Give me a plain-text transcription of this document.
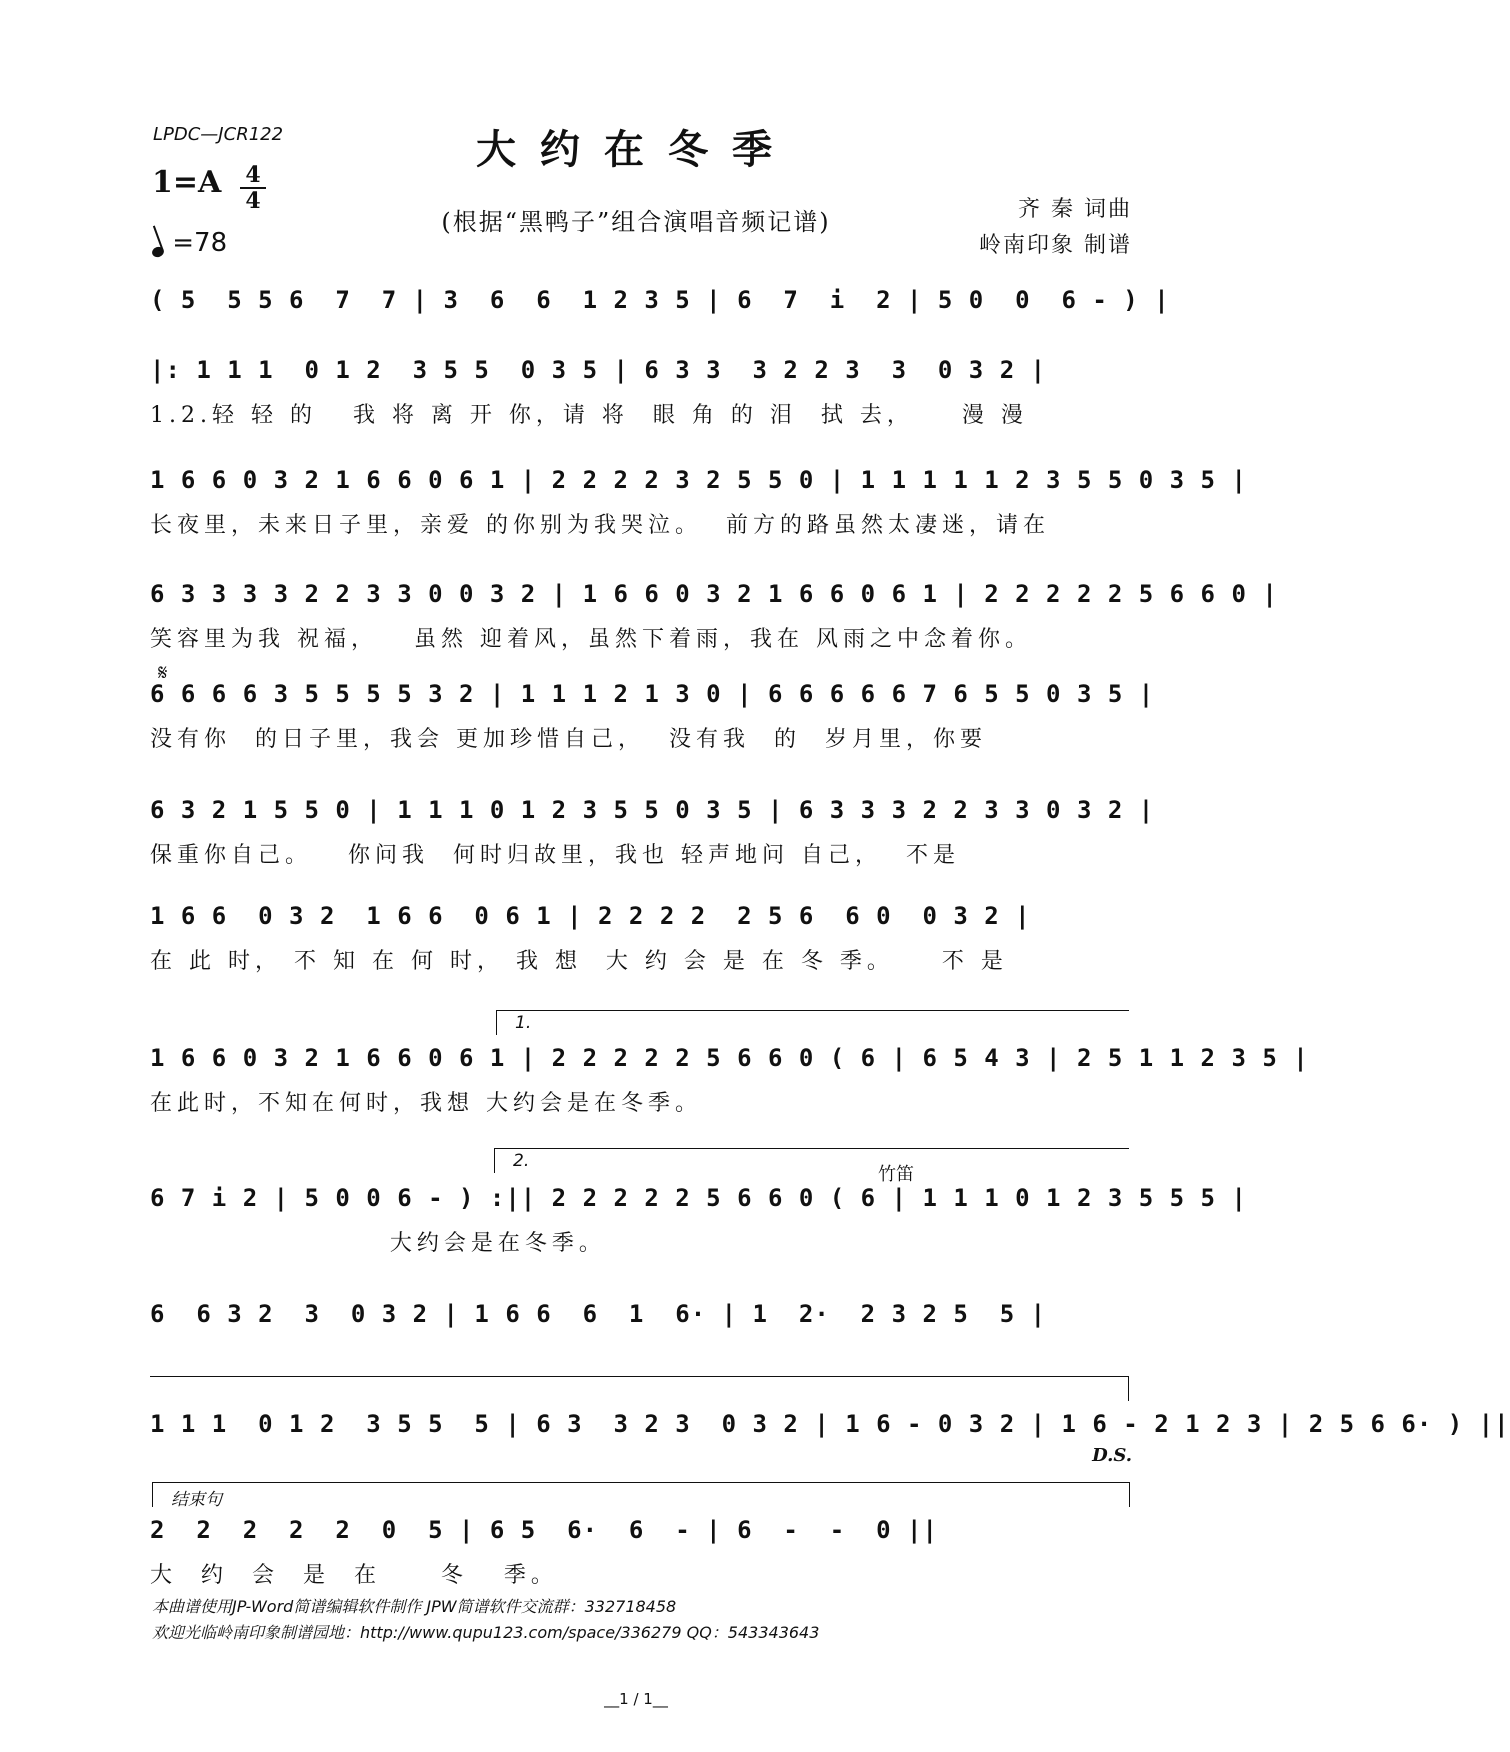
LPDC—JCR122	大约在冬季
1=A 4
4
=78
(根据“黑鸭子”组合演唱音频记谱)	齐 秦 词曲
岭南印象 制谱
( 5  5 5 6  7  7 | 3  6  6  1 2 3 5 | 6  7  i  2 | 5 0  0  6 - ) |
|: 1 1 1  0 1 2  3 5 5  0 3 5 | 6 3 3  3 2 2 3  3  0 3 2 |
1.2.轻 轻 的   我 将 离 开 你，请 将  眼 角 的 泪  拭 去，    漫 漫
1 6 6 0 3 2 1 6 6 0 6 1 | 2 2 2 2 3 2 5 5 0 | 1 1 1 1 1 2 3 5 5 0 3 5 |
长夜里，未来日子里，亲爱 的你别为我哭泣。  前方的路虽然太凄迷，请在
6 3 3 3 3 2 2 3 3 0 0 3 2 | 1 6 6 0 3 2 1 6 6 0 6 1 | 2 2 2 2 2 5 6 6 0 |
笑容里为我 祝福，   虽然 迎着风，虽然下着雨，我在 风雨之中念着你。
𝄋
6 6 6 6 3 5 5 5 5 3 2 | 1 1 1 2 1 3 0 | 6 6 6 6 6 7 6 5 5 0 3 5 |
没有你  的日子里，我会 更加珍惜自己，  没有我  的  岁月里，你要
6 3 2 1 5 5 0 | 1 1 1 0 1 2 3 5 5 0 3 5 | 6 3 3 3 2 2 3 3 0 3 2 |
保重你自己。   你问我  何时归故里，我也 轻声地问 自己，  不是
1 6 6  0 3 2  1 6 6  0 6 1 | 2 2 2 2  2 5 6  6 0  0 3 2 |
在 此 时， 不 知 在 何 时， 我 想  大 约 会 是 在 冬 季。    不 是
1.
1 6 6 0 3 2 1 6 6 0 6 1 | 2 2 2 2 2 5 6 6 0 ( 6 | 6 5 4 3 | 2 5 1 1 2 3 5 |
在此时，不知在何时，我想 大约会是在冬季。
2.
竹笛
6 7 i 2 | 5 0 0 6 - ) :|| 2 2 2 2 2 5 6 6 0 ( 6 | 1 1 1 0 1 2 3 5 5 5 |
大约会是在冬季。
6  6 3 2  3  0 3 2 | 1 6 6  6  1  6· | 1  2·  2 3 2 5  5 |
1 1 1  0 1 2  3 5 5  5 | 6 3  3 2 3  0 3 2 | 1 6 - 0 3 2 | 1 6 - 2 1 2 3 | 2 5 6 6· ) ||
D.S.
结束句
2  2  2  2  2  0  5 | 6 5  6·  6  - | 6  -  -  0 ||
大  约  会  是  在     冬   季。
本曲谱使用JP-Word简谱编辑软件制作 JPW简谱软件交流群：332718458
欢迎光临岭南印象制谱园地：http://www.qupu123.com/space/336279 QQ：543343643
__1 / 1__
